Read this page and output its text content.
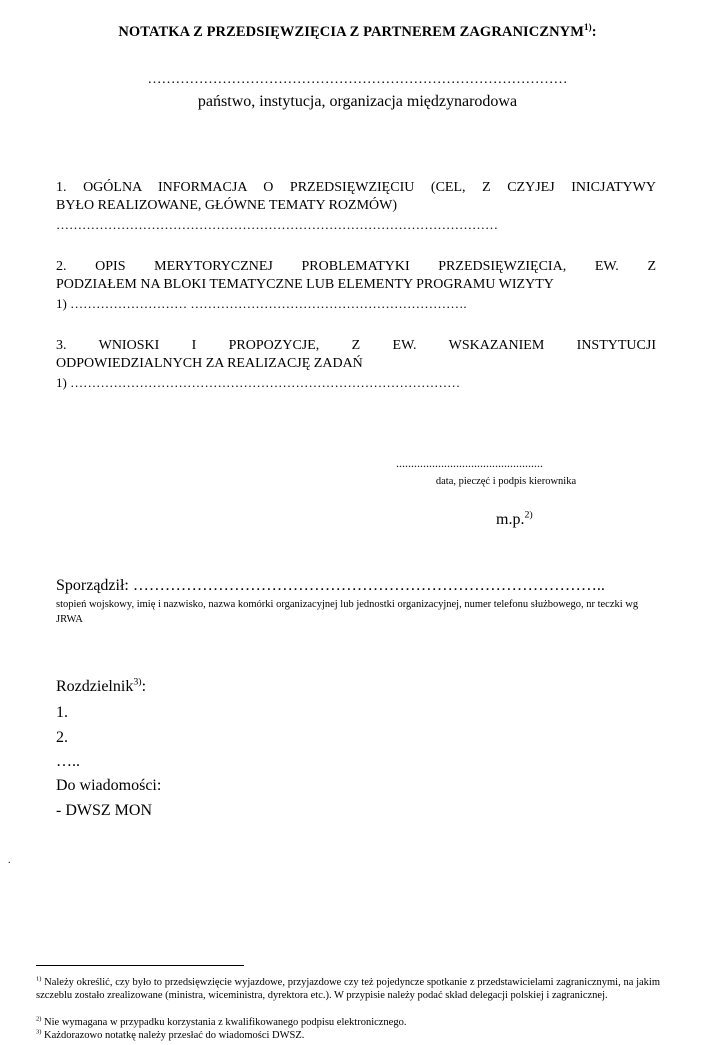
NOTATKA Z PRZEDSIĘWZIĘCIA Z PARTNEREM ZAGRANICZNYM$^{1)}$:
………………………………………………………………………………
państwo, instytucja, organizacja międzynarodowa
1. OGÓLNA INFORMACJA O PRZEDSIĘWZIĘCIU (CEL, Z CZYJEJ INICJATYWY
BYŁO REALIZOWANE, GŁÓWNE TEMATY ROZMÓW)
…………………………………………………………………………………………
2. OPIS MERYTORYCZNEJ PROBLEMATYKI PRZEDSIĘWZIĘCIA, EW. Z
PODZIAŁEM NA BLOKI TEMATYCZNE LUB ELEMENTY PROGRAMU WIZYTY
1) ……………………… ……………………………………………………….
3. WNIOSKI I PROPOZYCJE, Z EW. WSKAZANIEM INSTYTUCJI
ODPOWIEDZIALNYCH ZA REALIZACJĘ ZADAŃ
1) ………………………………………………………………………………
.................................................
data, pieczęć i podpis kierownika
m.p.$^{2)}$
Sporządził: ……………………………………………………………………………..
stopień wojskowy, imię i nazwisko, nazwa komórki organizacyjnej lub jednostki organizacyjnej, numer telefonu służbowego, nr teczki wg JRWA
Rozdzielnik$^{3)}$:
1.
2.
…..
Do wiadomości:
- DWSZ MON
.
$^{1)}$ Należy określić, czy było to przedsięwzięcie wyjazdowe, przyjazdowe czy też pojedyncze spotkanie z przedstawicielami zagranicznymi, na jakim szczeblu zostało zrealizowane (ministra, wiceministra, dyrektora etc.). W przypisie należy podać skład delegacji polskiej i zagranicznej.
$^{2)}$ Nie wymagana w przypadku korzystania z kwalifikowanego podpisu elektronicznego.
$^{3)}$ Każdorazowo notatkę należy przesłać do wiadomości DWSZ.
